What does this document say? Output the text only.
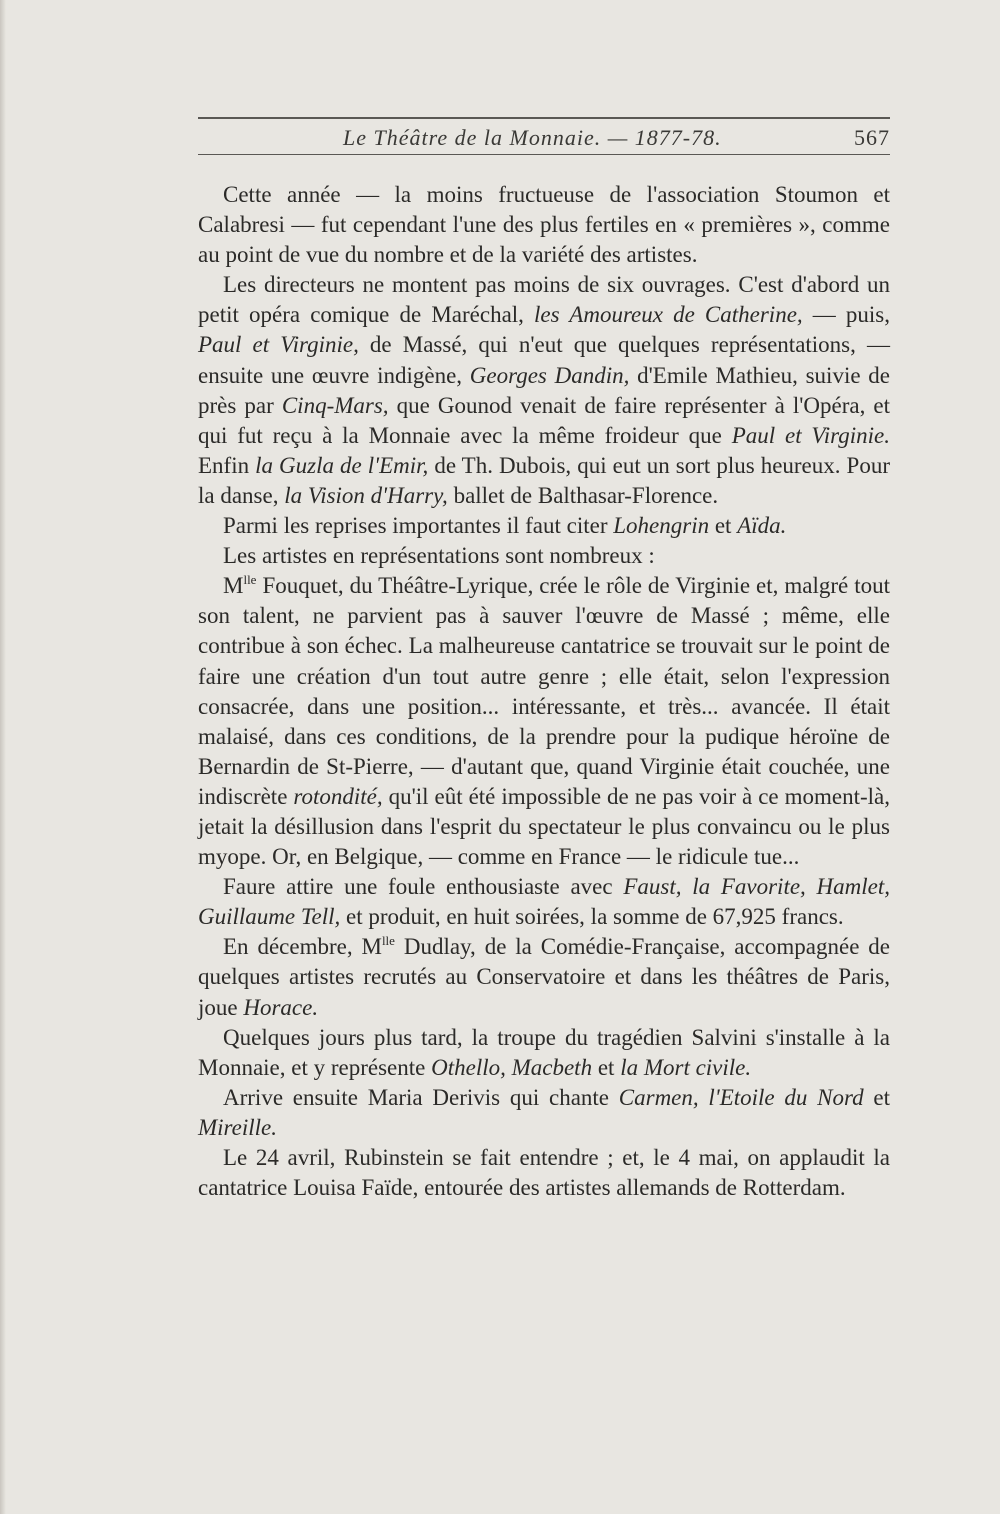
Le Théâtre de la Monnaie. — 1877-78.	567

Cette année — la moins fructueuse de l'association Stoumon et Calabresi — fut cependant l'une des plus fertiles en « premières », comme au point de vue du nombre et de la variété des artistes.

Les directeurs ne montent pas moins de six ouvrages. C'est d'abord un petit opéra comique de Maréchal, les Amoureux de Catherine, — puis, Paul et Virginie, de Massé, qui n'eut que quelques représentations, — ensuite une œuvre indigène, Georges Dandin, d'Emile Mathieu, suivie de près par Cinq-Mars, que Gounod venait de faire représenter à l'Opéra, et qui fut reçu à la Monnaie avec la même froideur que Paul et Virginie. Enfin la Guzla de l'Emir, de Th. Dubois, qui eut un sort plus heureux. Pour la danse, la Vision d'Harry, ballet de Balthasar-Florence.

Parmi les reprises importantes il faut citer Lohengrin et Aïda.

Les artistes en représentations sont nombreux :

$M^{lle}$ Fouquet, du Théâtre-Lyrique, crée le rôle de Virginie et, malgré tout son talent, ne parvient pas à sauver l'œuvre de Massé ; même, elle contribue à son échec. La malheureuse cantatrice se trouvait sur le point de faire une création d'un tout autre genre ; elle était, selon l'expression consacrée, dans une position... intéressante, et très... avancée. Il était malaisé, dans ces conditions, de la prendre pour la pudique héroïne de Bernardin de St-Pierre, — d'autant que, quand Virginie était couchée, une indiscrète rotondité, qu'il eût été impossible de ne pas voir à ce moment-là, jetait la désillusion dans l'esprit du spectateur le plus convaincu ou le plus myope. Or, en Belgique, — comme en France — le ridicule tue...

Faure attire une foule enthousiaste avec Faust, la Favorite, Hamlet, Guillaume Tell, et produit, en huit soirées, la somme de 67,925 francs.

En décembre, $M^{lle}$ Dudlay, de la Comédie-Française, accompagnée de quelques artistes recrutés au Conservatoire et dans les théâtres de Paris, joue Horace.

Quelques jours plus tard, la troupe du tragédien Salvini s'installe à la Monnaie, et y représente Othello, Macbeth et la Mort civile.

Arrive ensuite Maria Derivis qui chante Carmen, l'Etoile du Nord et Mireille.

Le 24 avril, Rubinstein se fait entendre ; et, le 4 mai, on applaudit la cantatrice Louisa Faïde, entourée des artistes allemands de Rotterdam.
